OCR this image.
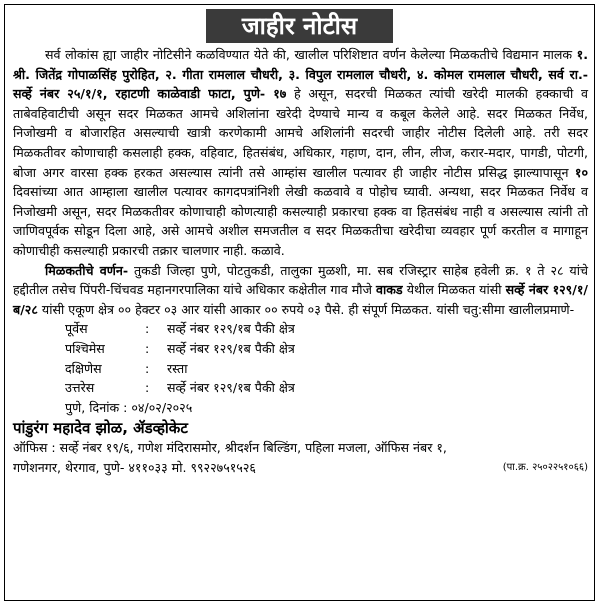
जाहीर नोटीस

सर्व लोकांस ह्या जाहीर नोटिसीने कळविण्यात येते की, खालील परिशिष्टात वर्णन केलेल्या मिळकतीचे विद्यमान मालक १. श्री. जितेंद्र गोपाळसिंह पुरोहित, २. गीता रामलाल चौधरी, ३. विपुल रामलाल चौधरी, ४. कोमल रामलाल चौधरी, सर्व रा.- सर्व्हे नंबर २५/१/१, रहाटणी काळेवाडी फाटा, पुणे- १७ हे असून, सदरची मिळकत त्यांची खरेदी मालकी हक्काची व ताबेवहिवाटीची असून सदर मिळकत आमचे अशिलांना खरेदी देण्याचे मान्य व कबूल केलेले आहे. सदर मिळकत निर्वेध, निजोखमी व बोजारहित असल्याची खात्री करणेकामी आमचे अशिलांनी सदरची जाहीर नोटीस दिलेली आहे. तरी सदर मिळकतीवर कोणाचाही कसलाही हक्क, वहिवाट, हितसंबंध, अधिकार, गहाण, दान, लीन, लीज, करार-मदार, पागडी, पोटगी, बोजा अगर वारसा हक्क हरकत असल्यास त्यांनी तसे आम्हांस खालील पत्यावर ही जाहीर नोटीस प्रसिद्ध झाल्यापासून १० दिवसांच्या आत आम्हाला खालील पत्यावर कागदपत्रांनिशी लेखी कळवावे व पोहोच घ्यावी. अन्यथा, सदर मिळकत निर्वेध व निजोखमी असून, सदर मिळकतीवर कोणाचाही कोणत्याही कसल्याही प्रकारचा हक्क वा हितसंबंध नाही व असल्यास त्यांनी तो जाणिवपूर्वक सोडून दिला आहे, असे आमचे अशील समजतील व सदर मिळकतीचा खरेदीचा व्यवहार पूर्ण करतील व मागाहून कोणाचीही कसल्याही प्रकारची तक्रार चालणार नाही. कळावे.

मिळकतीचे वर्णन- तुकडी जिल्हा पुणे, पोटतुकडी, तालुका मुळशी, मा. सब रजिस्ट्रार साहेब हवेली क्र. १ ते २८ यांचे हद्दीतील तसेच पिंपरी-चिंचवड महानगरपालिका यांचे अधिकार कक्षेतील गाव मौजे वाकड येथील मिळकत यांसी सर्व्हे नंबर १२९/१/ब/२८ यांसी एकूण क्षेत्र ०० हेक्टर ०३ आर यांसी आकार ०० रुपये ०३ पैसे. ही संपूर्ण मिळकत. यांसी चतु:सीमा खालीलप्रमाणे-

पूर्वेस	:	सर्व्हे नंबर १२९/१ब पैकी क्षेत्र
पश्चिमेस	:	सर्व्हे नंबर १२९/१ब पैकी क्षेत्र
दक्षिणेस	:	रस्ता
उत्तरेस	:	सर्व्हे नंबर १२९/१ब पैकी क्षेत्र
पुणे, दिनांक : ०४/०२/२०२५
पांडुरंग महादेव झोळ, ॲडव्होकेट
ऑफिस : सर्व्हे नंबर १९/६, गणेश मंदिरासमोर, श्रीदर्शन बिल्डिंग, पहिला मजला, ऑफिस नंबर १,
गणेशनगर, थेरगाव, पुणे- ४११०३३ मो. ९९२२७५१५२६	(पा.क्र. २५०२२५१०६६)
